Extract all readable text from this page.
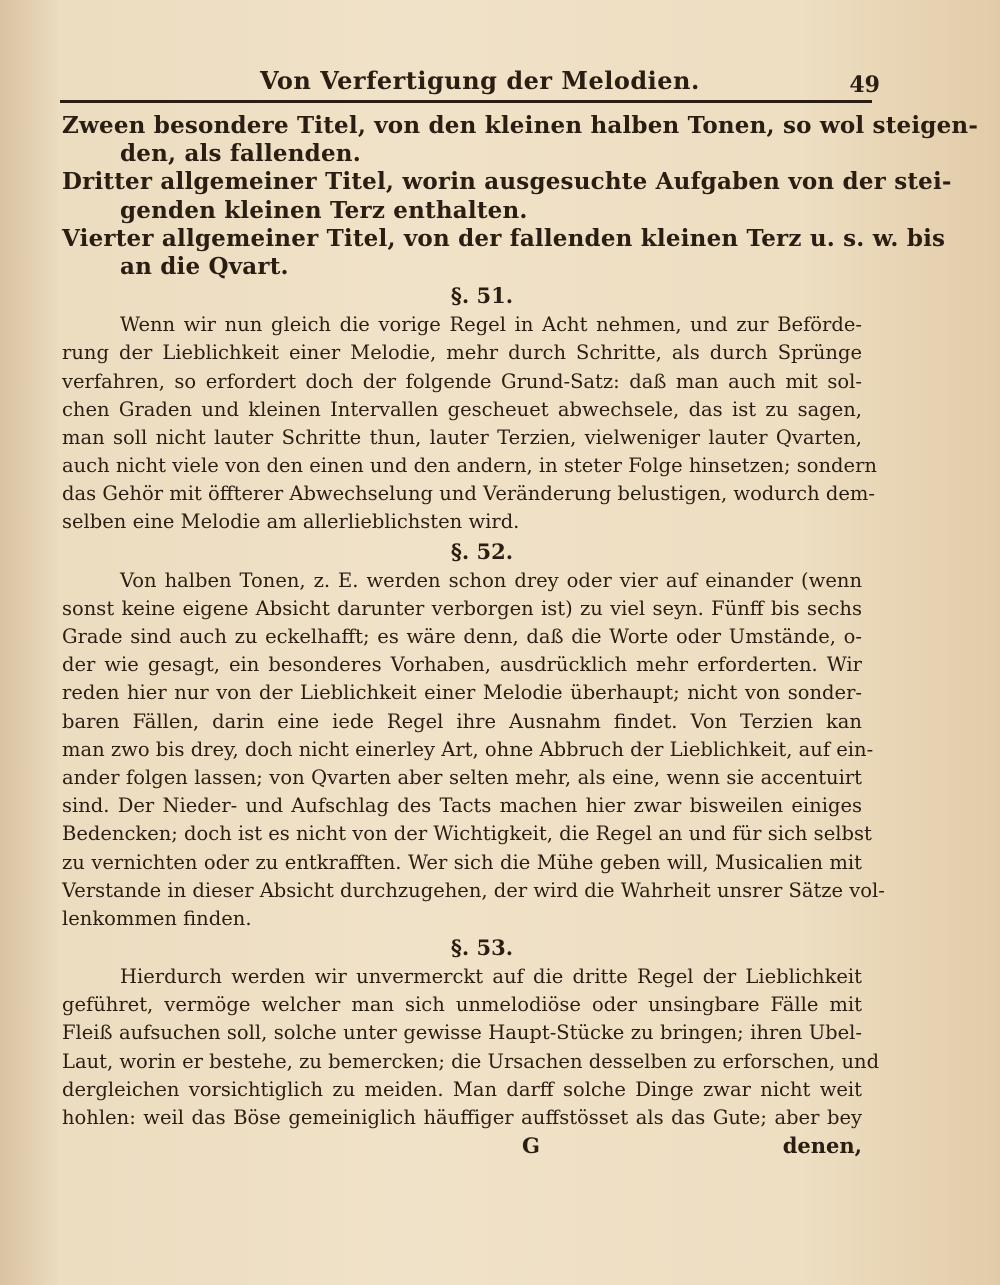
Von Verfertigung der Melodien.	49
Zween besondere Titel, von den kleinen halben Tonen, so wol steigen-
den, als fallenden.
Dritter allgemeiner Titel, worin ausgesuchte Aufgaben von der stei-
genden kleinen Terz enthalten.
Vierter allgemeiner Titel, von der fallenden kleinen Terz u. s. w. bis
an die Qvart.
§. 51.
Wenn wir nun gleich die vorige Regel in Acht nehmen, und zur Beförde-
rung der Lieblichkeit einer Melodie, mehr durch Schritte, als durch Sprünge
verfahren, so erfordert doch der folgende Grund-Satz: daß man auch mit sol-
chen Graden und kleinen Intervallen gescheuet abwechsele, das ist zu sagen,
man soll nicht lauter Schritte thun, lauter Terzien, vielweniger lauter Qvarten,
auch nicht viele von den einen und den andern, in steter Folge hinsetzen; sondern
das Gehör mit öffterer Abwechselung und Veränderung belustigen, wodurch dem-
selben eine Melodie am allerlieblichsten wird.
§. 52.
Von halben Tonen, z. E. werden schon drey oder vier auf einander (wenn
sonst keine eigene Absicht darunter verborgen ist) zu viel seyn. Fünff bis sechs
Grade sind auch zu eckelhafft; es wäre denn, daß die Worte oder Umstände, o-
der wie gesagt, ein besonderes Vorhaben, ausdrücklich mehr erforderten. Wir
reden hier nur von der Lieblichkeit einer Melodie überhaupt; nicht von sonder-
baren Fällen, darin eine iede Regel ihre Ausnahm findet. Von Terzien kan
man zwo bis drey, doch nicht einerley Art, ohne Abbruch der Lieblichkeit, auf ein-
ander folgen lassen; von Qvarten aber selten mehr, als eine, wenn sie accentuirt
sind. Der Nieder- und Aufschlag des Tacts machen hier zwar bisweilen einiges
Bedencken; doch ist es nicht von der Wichtigkeit, die Regel an und für sich selbst
zu vernichten oder zu entkrafften. Wer sich die Mühe geben will, Musicalien mit
Verstande in dieser Absicht durchzugehen, der wird die Wahrheit unsrer Sätze vol-
lenkommen finden.
§. 53.
Hierdurch werden wir unvermerckt auf die dritte Regel der Lieblichkeit
geführet, vermöge welcher man sich unmelodiöse oder unsingbare Fälle mit
Fleiß aufsuchen soll, solche unter gewisse Haupt-Stücke zu bringen; ihren Ubel-
Laut, worin er bestehe, zu bemercken; die Ursachen desselben zu erforschen, und
dergleichen vorsichtiglich zu meiden. Man darff solche Dinge zwar nicht weit
hohlen: weil das Böse gemeiniglich häuffiger auffstösset als das Gute; aber bey
G	denen,
